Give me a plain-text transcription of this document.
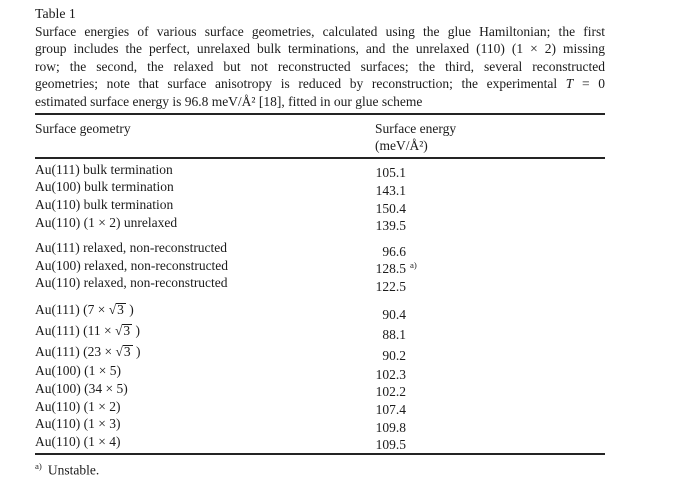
Table 1
Surface energies of various surface geometries, calculated using the glue Hamiltonian; the first
group includes the perfect, unrelaxed bulk terminations, and the unrelaxed (110) (1 × 2) missing
row; the second, the relaxed but not reconstructed surfaces; the third, several reconstructed
geometries; note that surface anisotropy is reduced by reconstruction; the experimental T = 0
estimated surface energy is 96.8 meV/Å² [18], fitted in our glue scheme
Surface geometry	Surface energy
(meV/Å²)
Au(111) bulk termination	105.1
Au(100) bulk termination	143.1
Au(110) bulk termination	150.4
Au(110) (1 × 2) unrelaxed	139.5
Au(111) relaxed, non-reconstructed	96.6
Au(100) relaxed, non-reconstructed	128.5 $^{a)}$
Au(110) relaxed, non-reconstructed	122.5
Au(111) (7 × √3 )	90.4
Au(111) (11 × √3 )	88.1
Au(111) (23 × √3 )	90.2
Au(100) (1 × 5)	102.3
Au(100) (34 × 5)	102.2
Au(110) (1 × 2)	107.4
Au(110) (1 × 3)	109.8
Au(110) (1 × 4)	109.5
$^{a)}$ Unstable.
